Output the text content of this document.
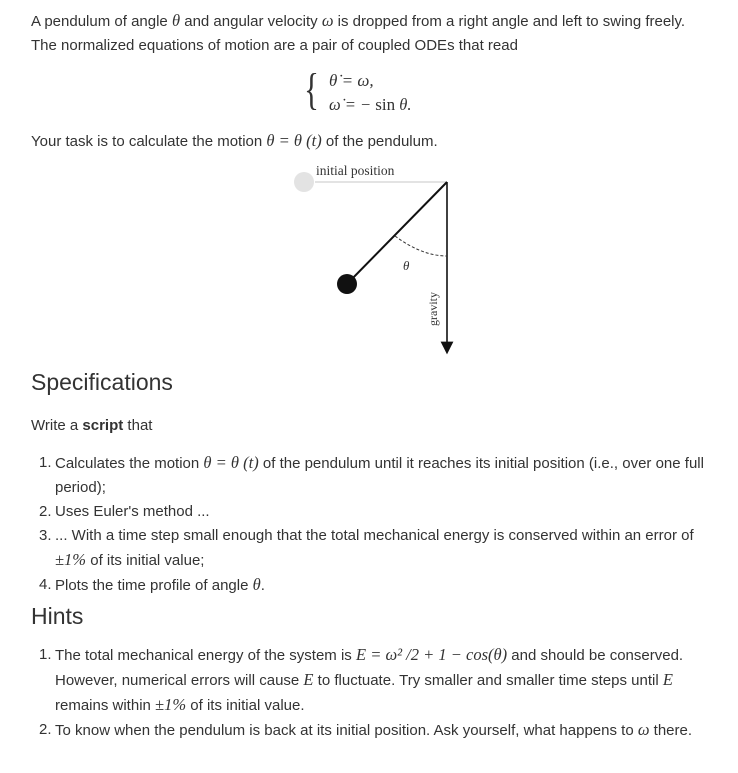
A pendulum of angle θ and angular velocity ω is dropped from a right angle and left to swing freely. The normalized equations of motion are a pair of coupled ODEs that read

{ θ̇ = ω,
ω̇ = − sin θ.

Your task is to calculate the motion θ = θ (t) of the pendulum.

initial position
gravity
θ
Specifications

Write a script that

1. Calculates the motion θ = θ (t) of the pendulum until it reaches its initial position (i.e., over one full period);
2. Uses Euler's method ...
3. ... With a time step small enough that the total mechanical energy is conserved within an error of ±1% of its initial value;
4. Plots the time profile of angle θ.
Hints
1. The total mechanical energy of the system is E = ω² /2 + 1 − cos(θ) and should be conserved. However, numerical errors will cause E to fluctuate. Try smaller and smaller time steps until E remains within ±1% of its initial value.
2. To know when the pendulum is back at its initial position. Ask yourself, what happens to ω there.
